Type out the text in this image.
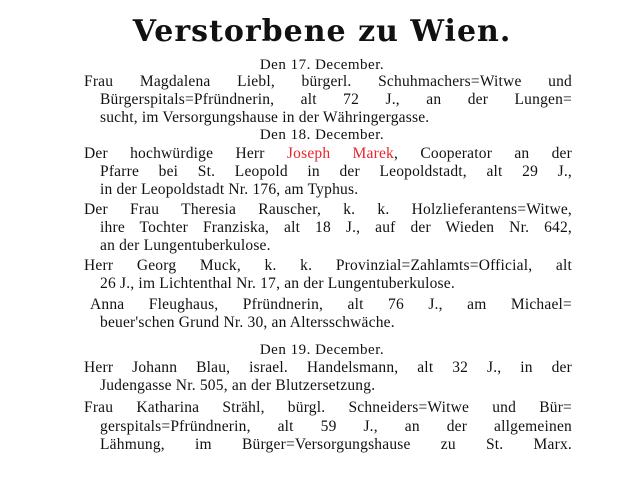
Verstorbene zu Wien.
Den 17. December.
Frau Magdalena Liebl, bürgerl. Schuhmachers=Witwe und
Bürgerspitals=Pfründnerin, alt 72 J., an der Lungen=
sucht, im Versorgungshause in der Währingergasse.
Den 18. December.
Der hochwürdige Herr Joseph Marek, Cooperator an der
Pfarre bei St. Leopold in der Leopoldstadt, alt 29 J.,
in der Leopoldstadt Nr. 176, am Typhus.
Der Frau Theresia Rauscher, k. k. Holzlieferantens=Witwe,
ihre Tochter Franziska, alt 18 J., auf der Wieden Nr. 642,
an der Lungentuberkulose.
Herr Georg Muck, k. k. Provinzial=Zahlamts=Official, alt
26 J., im Lichtenthal Nr. 17, an der Lungentuberkulose.
Anna Fleughaus, Pfründnerin, alt 76 J., am Michael=
beuer'schen Grund Nr. 30, an Altersschwäche.
Den 19. December.
Herr Johann Blau, israel. Handelsmann, alt 32 J., in der
Judengasse Nr. 505, an der Blutzersetzung.
Frau Katharina Strähl, bürgl. Schneiders=Witwe und Bür=
gerspitals=Pfründnerin, alt 59 J., an der allgemeinen
Lähmung, im Bürger=Versorgungshause zu St. Marx.
